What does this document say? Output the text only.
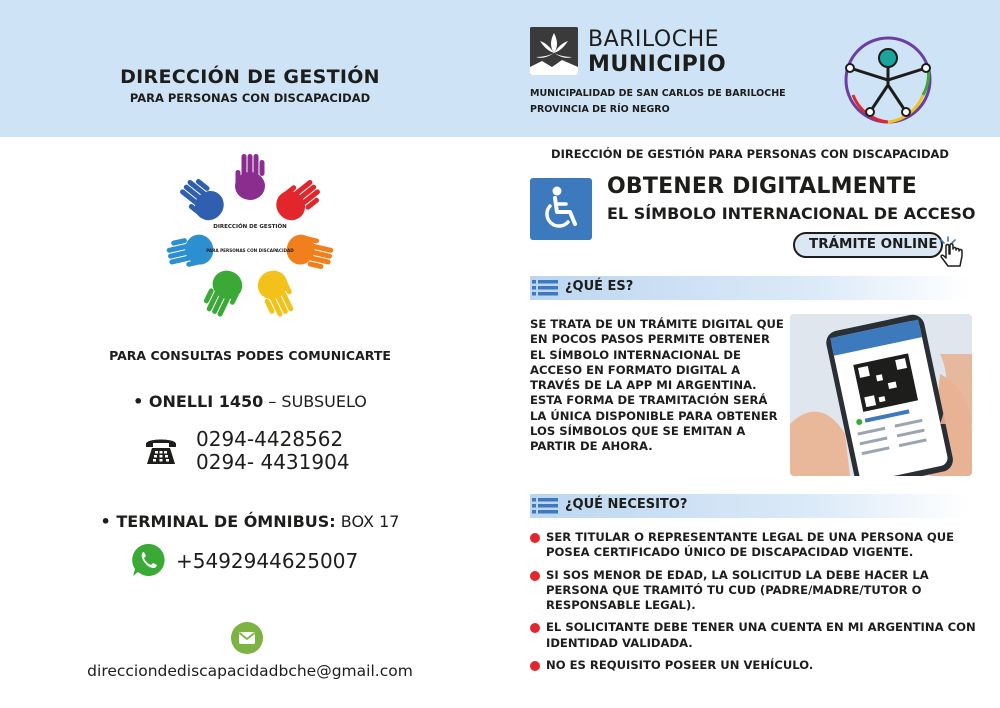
DIRECCIÓN DE GESTIÓN
PARA PERSONAS CON DISCAPACIDAD
BARILOCHE
MUNICIPIO
MUNICIPALIDAD DE SAN CARLOS DE BARILOCHE
PROVINCIA DE RÍO NEGRO
DIRECCIÓN DE GESTIÓN
PARA PERSONAS CON DISCAPACIDAD
PARA CONSULTAS PODES COMUNICARTE
• ONELLI 1450 – SUBSUELO
0294-4428562
0294- 4431904
• TERMINAL DE ÓMNIBUS: BOX 17
+5492944625007
direcciondediscapacidadbche@gmail.com
DIRECCIÓN DE GESTIÓN PARA PERSONAS CON DISCAPACIDAD
OBTENER DIGITALMENTE
EL SÍMBOLO INTERNACIONAL DE ACCESO
TRÁMITE ONLINE
¿QUÉ ES?
SE TRATA DE UN TRÁMITE DIGITAL QUE EN POCOS PASOS PERMITE OBTENER EL SÍMBOLO INTERNACIONAL DE ACCESO EN FORMATO DIGITAL A TRAVÉS DE LA APP MI ARGENTINA. ESTA FORMA DE TRAMITACIÓN SERÁ LA ÚNICA DISPONIBLE PARA OBTENER LOS SÍMBOLOS QUE SE EMITAN A PARTIR DE AHORA.
¿QUÉ NECESITO?
SER TITULAR O REPRESENTANTE LEGAL DE UNA PERSONA QUE POSEA CERTIFICADO ÚNICO DE DISCAPACIDAD VIGENTE.
SI SOS MENOR DE EDAD, LA SOLICITUD LA DEBE HACER LA PERSONA QUE TRAMITÓ TU CUD (PADRE/MADRE/TUTOR O RESPONSABLE LEGAL).
EL SOLICITANTE DEBE TENER UNA CUENTA EN MI ARGENTINA CON IDENTIDAD VALIDADA.
NO ES REQUISITO POSEER UN VEHÍCULO.
